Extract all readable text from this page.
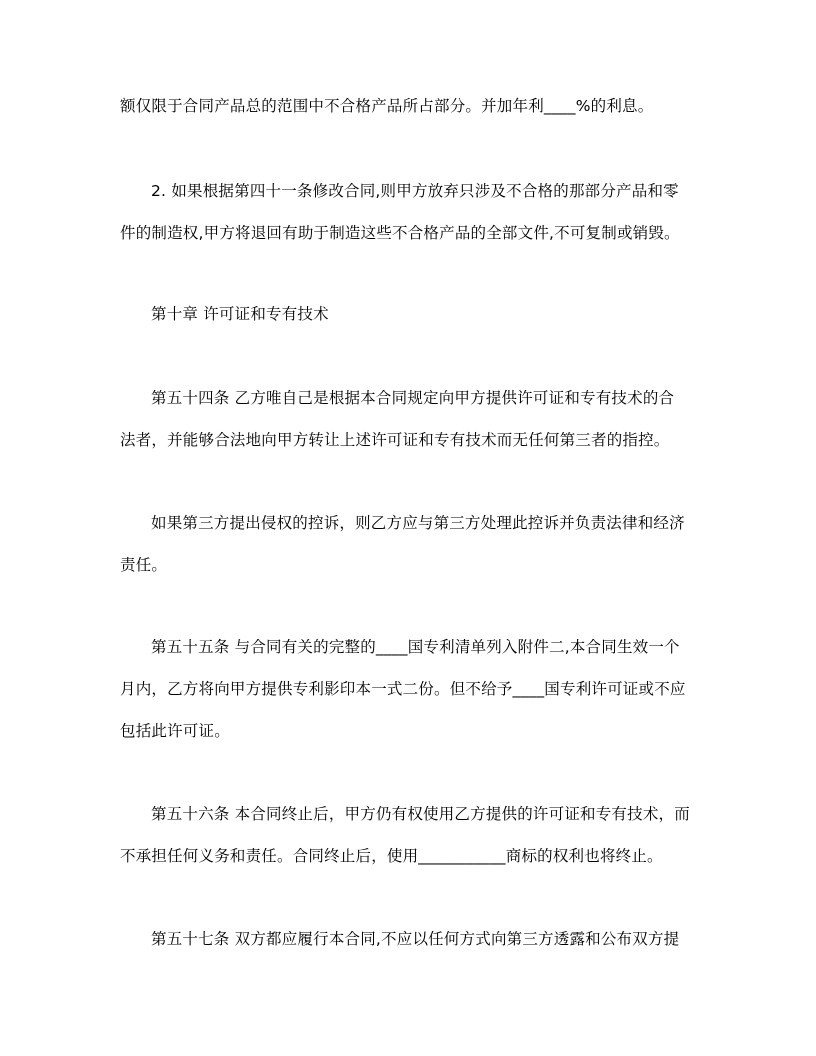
额仅限于合同产品总的范围中不合格产品所占部分。并加年利____%的利息。
2. 如果根据第四十一条修改合同,则甲方放弃只涉及不合格的那部分产品和零
件的制造权,甲方将退回有助于制造这些不合格产品的全部文件,不可复制或销毁。
第十章 许可证和专有技术
第五十四条 乙方唯自己是根据本合同规定向甲方提供许可证和专有技术的合
法者，并能够合法地向甲方转让上述许可证和专有技术而无任何第三者的指控。
如果第三方提出侵权的控诉，则乙方应与第三方处理此控诉并负责法律和经济
责任。
第五十五条 与合同有关的完整的____国专利清单列入附件二,本合同生效一个
月内，乙方将向甲方提供专利影印本一式二份。但不给予____国专利许可证或不应
包括此许可证。
第五十六条 本合同终止后，甲方仍有权使用乙方提供的许可证和专有技术，而
不承担任何义务和责任。合同终止后，使用___________商标的权利也将终止。
第五十七条 双方都应履行本合同,不应以任何方式向第三方透露和公布双方提
